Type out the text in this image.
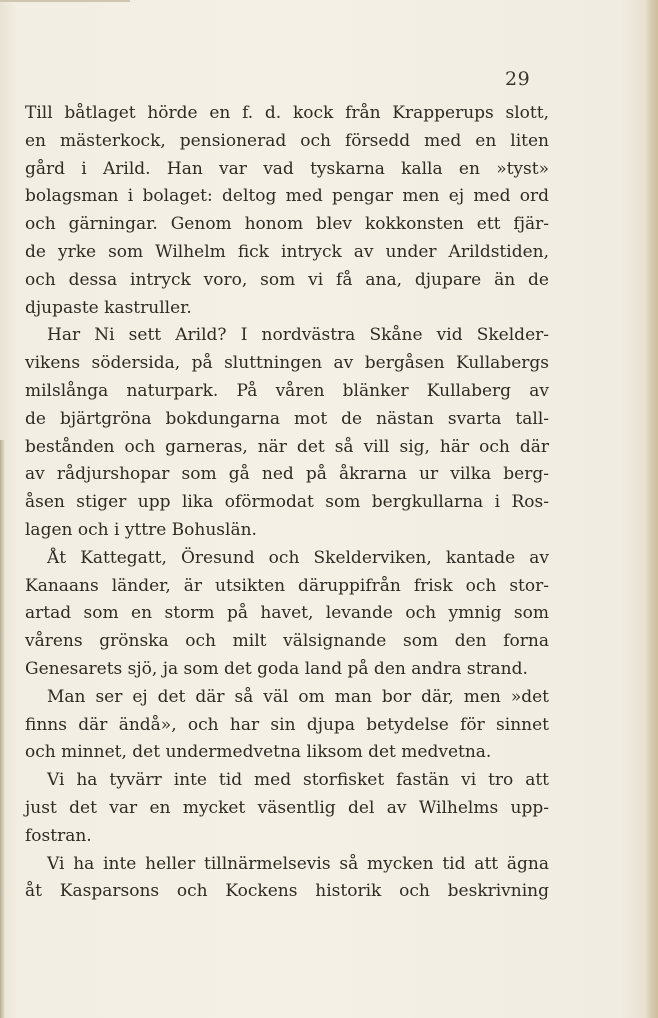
29
Till båtlaget hörde en f. d. kock från Krapperups slott,
en mästerkock, pensionerad och försedd med en liten
gård i Arild. Han var vad tyskarna kalla en »tyst»
bolagsman i bolaget: deltog med pengar men ej med ord
och gärningar. Genom honom blev kokkonsten ett fjär-
de yrke som Wilhelm fick intryck av under Arildstiden,
och dessa intryck voro, som vi få ana, djupare än de
djupaste kastruller.
Har Ni sett Arild? I nordvästra Skåne vid Skelder-
vikens södersida, på sluttningen av bergåsen Kullabergs
milslånga naturpark. På våren blänker Kullaberg av
de bjärtgröna bokdungarna mot de nästan svarta tall-
bestånden och garneras, när det så vill sig, här och där
av rådjurshopar som gå ned på åkrarna ur vilka berg-
åsen stiger upp lika oförmodat som bergkullarna i Ros-
lagen och i yttre Bohuslän.
Åt Kattegatt, Öresund och Skelderviken, kantade av
Kanaans länder, är utsikten däruppifrån frisk och stor-
artad som en storm på havet, levande och ymnig som
vårens grönska och milt välsignande som den forna
Genesarets sjö, ja som det goda land på den andra strand.
Man ser ej det där så väl om man bor där, men »det
finns där ändå», och har sin djupa betydelse för sinnet
och minnet, det undermedvetna liksom det medvetna.
Vi ha tyvärr inte tid med storfisket fastän vi tro att
just det var en mycket väsentlig del av Wilhelms upp-
fostran.
Vi ha inte heller tillnärmelsevis så mycken tid att ägna
åt Kasparsons och Kockens historik och beskrivning
